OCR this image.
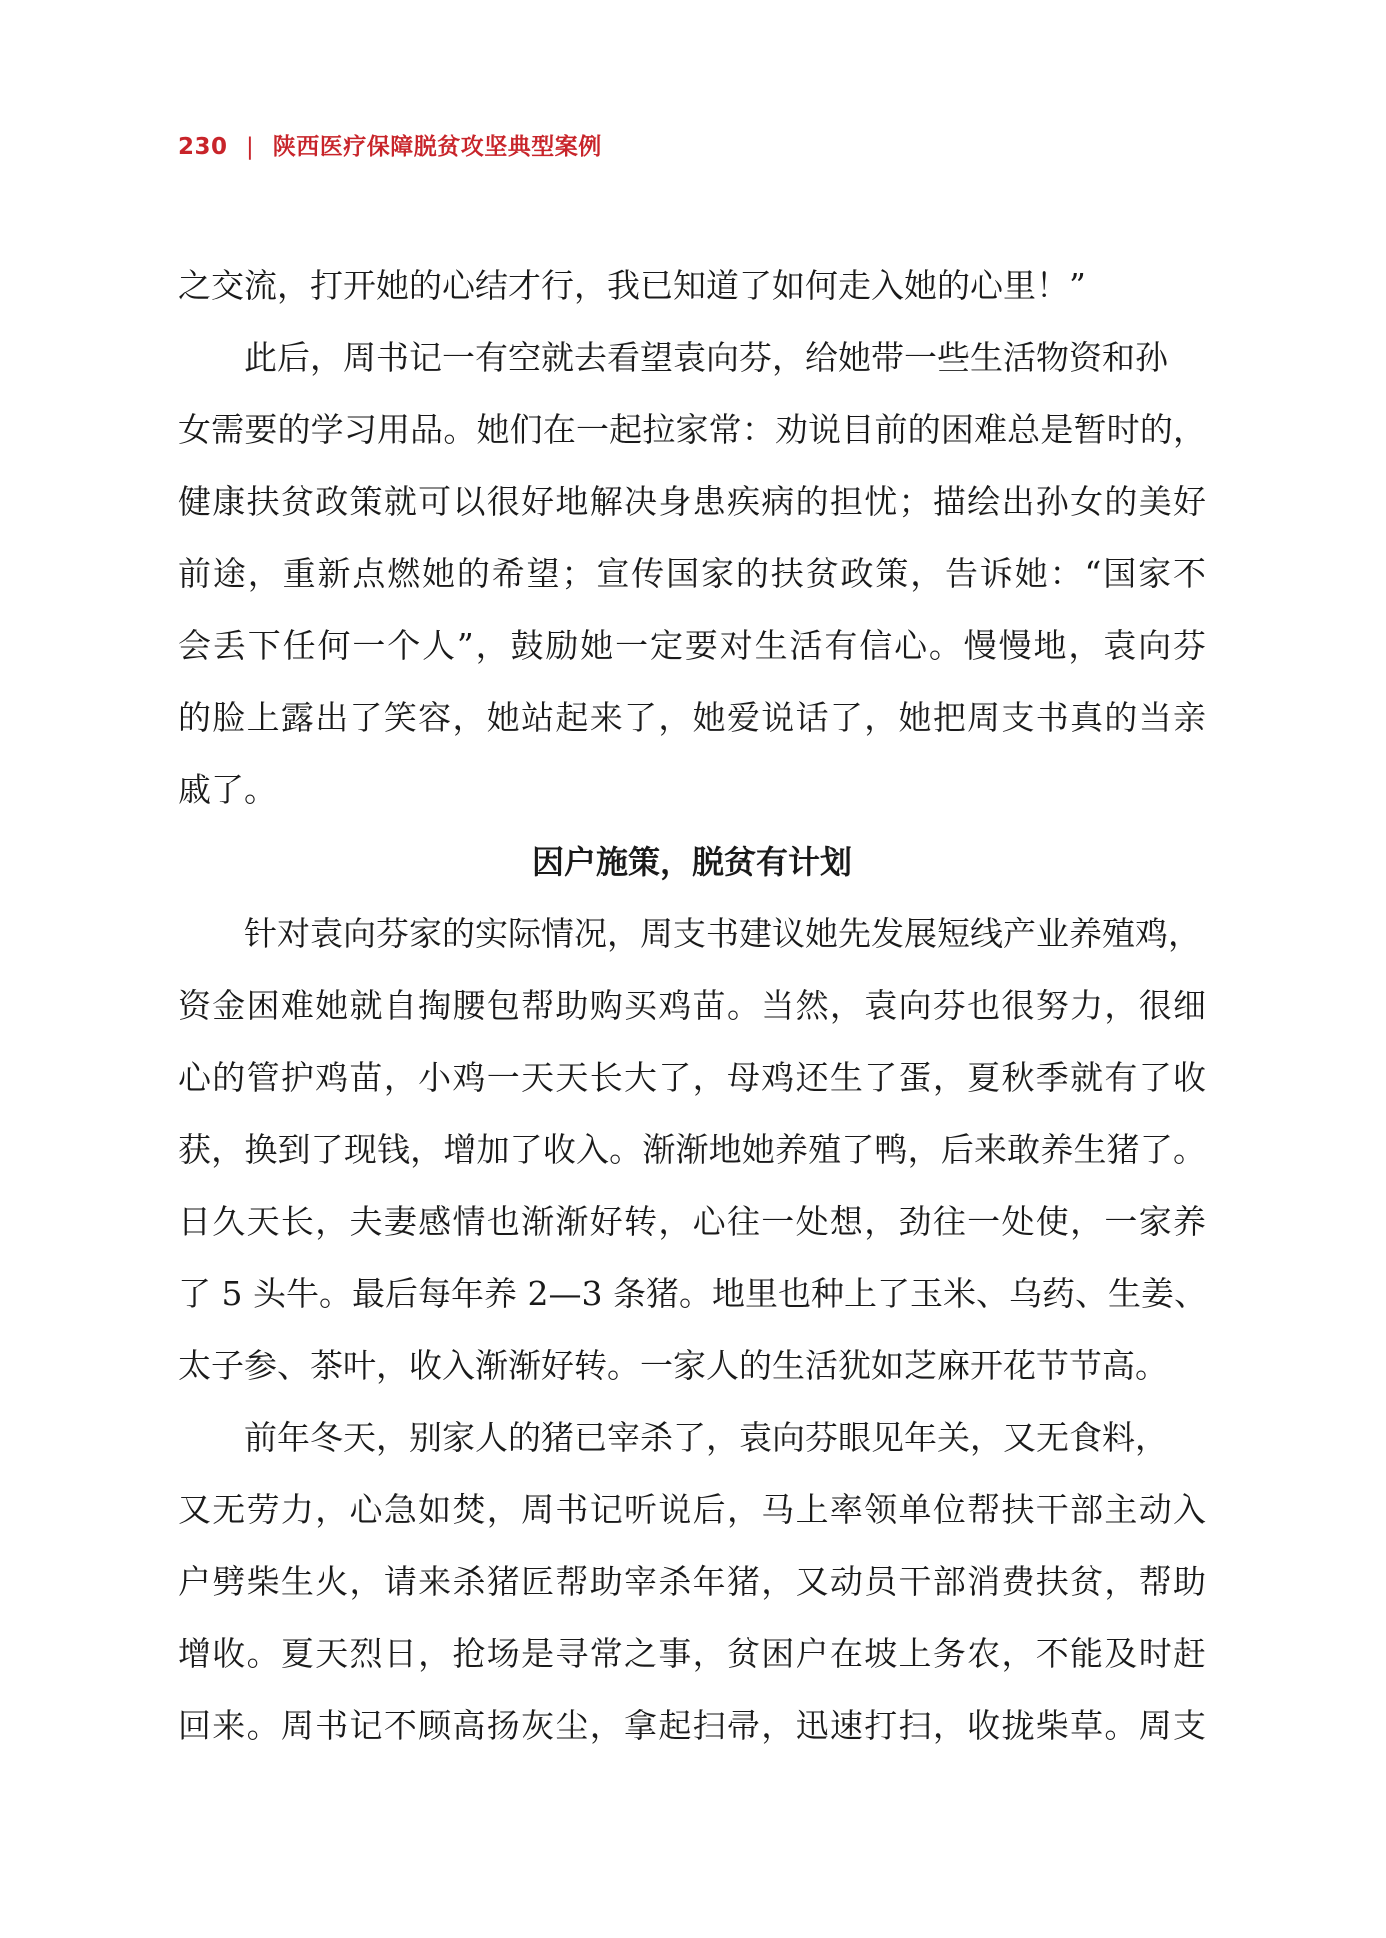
230 | 陕西医疗保障脱贫攻坚典型案例
之交流，打开她的心结才行，我已知道了如何走入她的心里！”
此后，周书记一有空就去看望袁向芬，给她带一些生活物资和孙
女需要的学习用品。她们在一起拉家常：劝说目前的困难总是暂时的，
健康扶贫政策就可以很好地解决身患疾病的担忧；描绘出孙女的美好
前途，重新点燃她的希望；宣传国家的扶贫政策，告诉她：“国家不
会丢下任何一个人”，鼓励她一定要对生活有信心。慢慢地，袁向芬
的脸上露出了笑容，她站起来了，她爱说话了，她把周支书真的当亲
戚了。
因户施策，脱贫有计划
针对袁向芬家的实际情况，周支书建议她先发展短线产业养殖鸡，
资金困难她就自掏腰包帮助购买鸡苗。当然，袁向芬也很努力，很细
心的管护鸡苗，小鸡一天天长大了，母鸡还生了蛋，夏秋季就有了收
获，换到了现钱，增加了收入。渐渐地她养殖了鸭，后来敢养生猪了。
日久天长，夫妻感情也渐渐好转，心往一处想，劲往一处使，一家养
了 5 头牛。最后每年养 2—3 条猪。地里也种上了玉米、乌药、生姜、
太子参、茶叶，收入渐渐好转。一家人的生活犹如芝麻开花节节高。
前年冬天，别家人的猪已宰杀了，袁向芬眼见年关，又无食料，
又无劳力，心急如焚，周书记听说后，马上率领单位帮扶干部主动入
户劈柴生火，请来杀猪匠帮助宰杀年猪，又动员干部消费扶贫，帮助
增收。夏天烈日，抢场是寻常之事，贫困户在坡上务农，不能及时赶
回来。周书记不顾高扬灰尘，拿起扫帚，迅速打扫，收拢柴草。周支
